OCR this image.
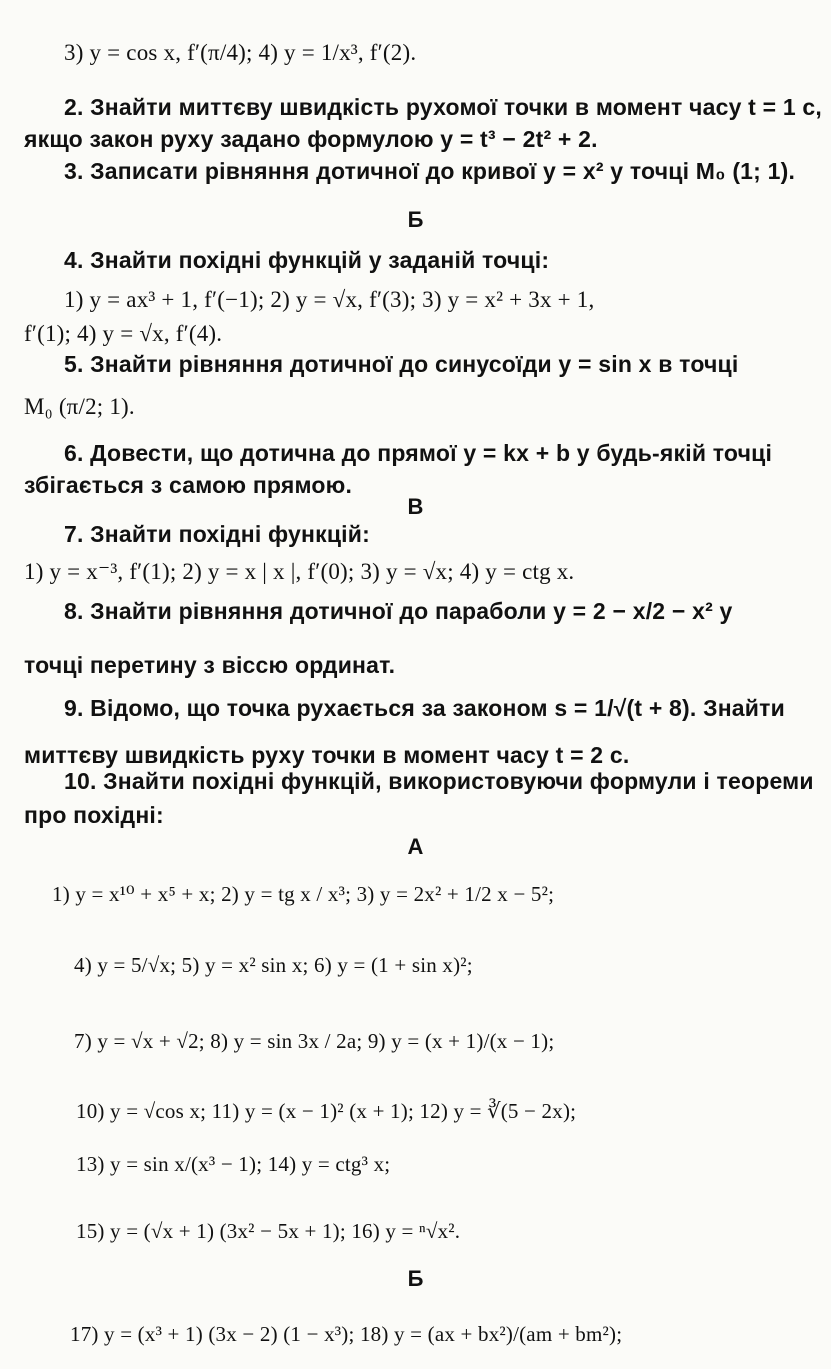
3) y = cos x, f′(π/4); 4) y = 1/x³, f′(2).
2. Знайти миттєву швидкість рухомої точки в момент часу t = 1 с,
якщо закон руху задано формулою y = t³ − 2t² + 2.
3. Записати рівняння дотичної до кривої y = x² у точці M₀ (1; 1).
Б
4. Знайти похідні функцій у заданій точці:
1) y = ax³ + 1, f′(−1); 2) y = √x, f′(3); 3) y = x² + 3x + 1,
f′(1); 4) y = √x, f′(4).
5. Знайти рівняння дотичної до синусоїди y = sin x в точці
M₀ (π/2; 1).
6. Довести, що дотична до прямої y = kx + b у будь-якій точці
збігається з самою прямою.
В
7. Знайти похідні функцій:
1) y = x⁻³, f′(1); 2) y = x | x |, f′(0); 3) y = √x; 4) y = ctg x.
8. Знайти рівняння дотичної до параболи y = 2 − x/2 − x² у
точці перетину з віссю ординат.
9. Відомо, що точка рухається за законом s = 1/√(t + 8). Знайти
миттєву швидкість руху точки в момент часу t = 2 с.
10. Знайти похідні функцій, використовуючи формули і теореми
про похідні:
А
1) y = x¹⁰ + x⁵ + x; 2) y = tg x / x³; 3) y = 2x² + 1/2 x − 5²;
4) y = 5/√x; 5) y = x² sin x; 6) y = (1 + sin x)²;
7) y = √x + √2; 8) y = sin 3x / 2a; 9) y = (x + 1)/(x − 1);
10) y = √cos x; 11) y = (x − 1)² (x + 1); 12) y = ∛(5 − 2x);
13) y = sin x/(x³ − 1); 14) y = ctg³ x;
15) y = (√x + 1) (3x² − 5x + 1); 16) y = ⁿ√x².
Б
17) y = (x³ + 1) (3x − 2) (1 − x³); 18) y = (ax + bx²)/(am + bm²);
